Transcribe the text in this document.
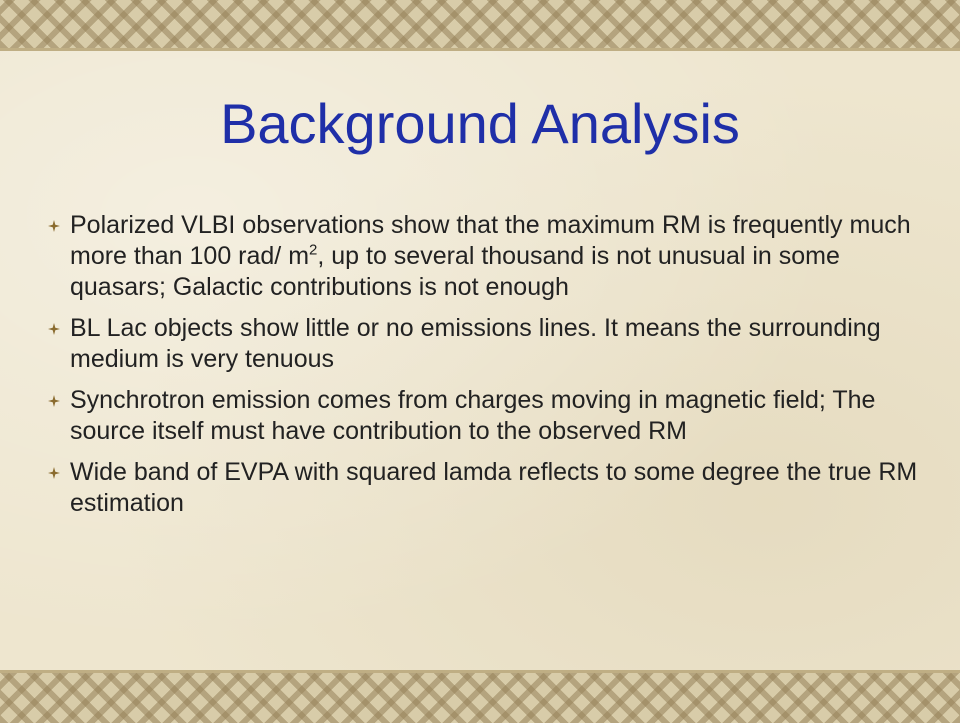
Background Analysis
Polarized VLBI observations show that the maximum RM is frequently much more than 100 rad/ $m^2$, up to several thousand is not unusual in some quasars; Galactic contributions is not enough
BL Lac objects show little or no emissions lines. It means the surrounding medium is very tenuous
Synchrotron emission comes from charges moving in magnetic field; The source itself must have contribution to the observed RM
Wide band of EVPA with squared lamda reflects to some degree the true RM estimation
